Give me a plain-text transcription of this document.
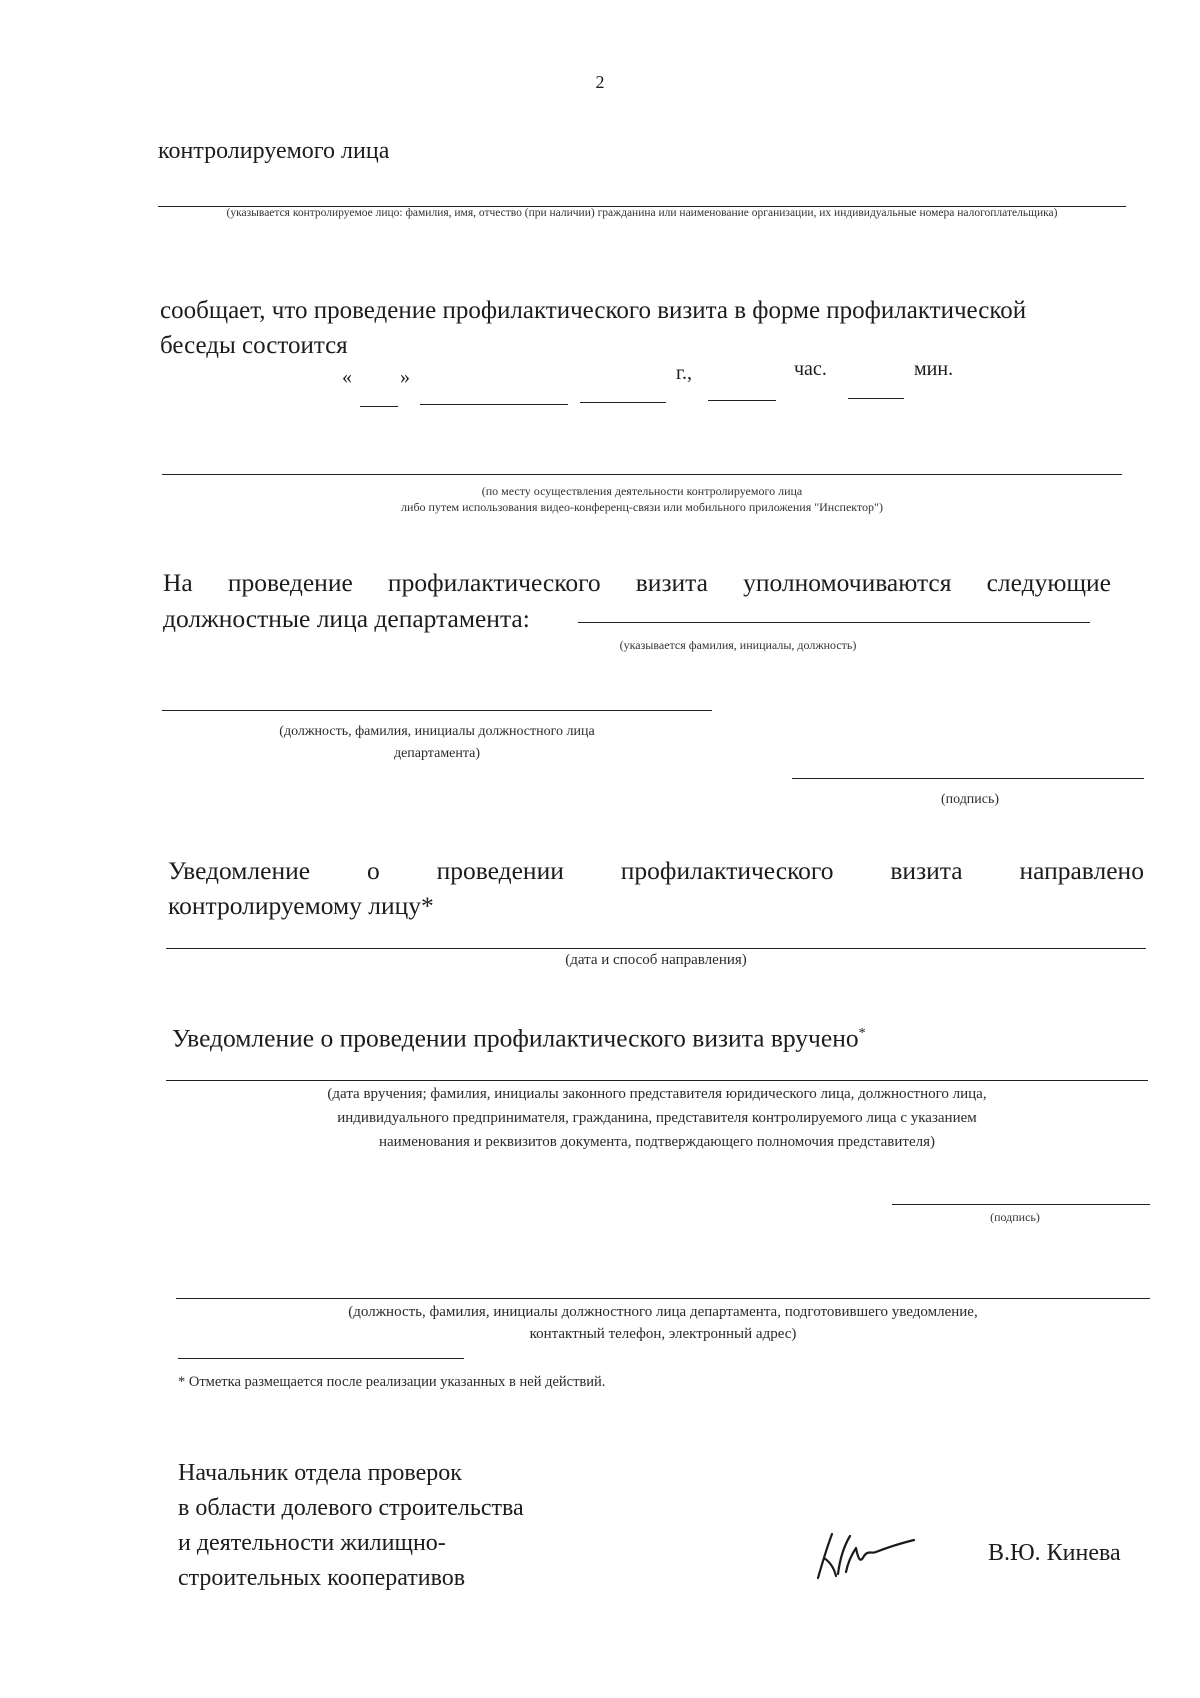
2
контролируемого лица
(указывается контролируемое лицо: фамилия, имя, отчество (при наличии) гражданина или наименование организации, их индивидуальные номера налогоплательщика)
сообщает, что проведение профилактического визита в форме профилактической
беседы состоится
« »	г.,	час.	мин.
(по месту осуществления деятельности контролируемого лица
либо путем использования видео-конференц-связи или мобильного приложения "Инспектор")
На проведение профилактического визита уполномочиваются следующие
должностные лица департамента:
(указывается фамилия, инициалы, должность)
(должность, фамилия, инициалы должностного лица
департамента)
(подпись)
Уведомление о проведении профилактического визита направлено
контролируемому лицу*
(дата и способ направления)
Уведомление о проведении профилактического визита вручено*
(дата вручения; фамилия, инициалы законного представителя юридического лица, должностного лица,
индивидуального предпринимателя, гражданина, представителя контролируемого лица с указанием
наименования и реквизитов документа, подтверждающего полномочия представителя)
(подпись)
(должность, фамилия, инициалы должностного лица департамента, подготовившего уведомление,
контактный телефон, электронный адрес)
* Отметка размещается после реализации указанных в ней действий.
Начальник отдела проверок
в области долевого строительства
и деятельности жилищно-
строительных кооперативов
В.Ю. Кинева
